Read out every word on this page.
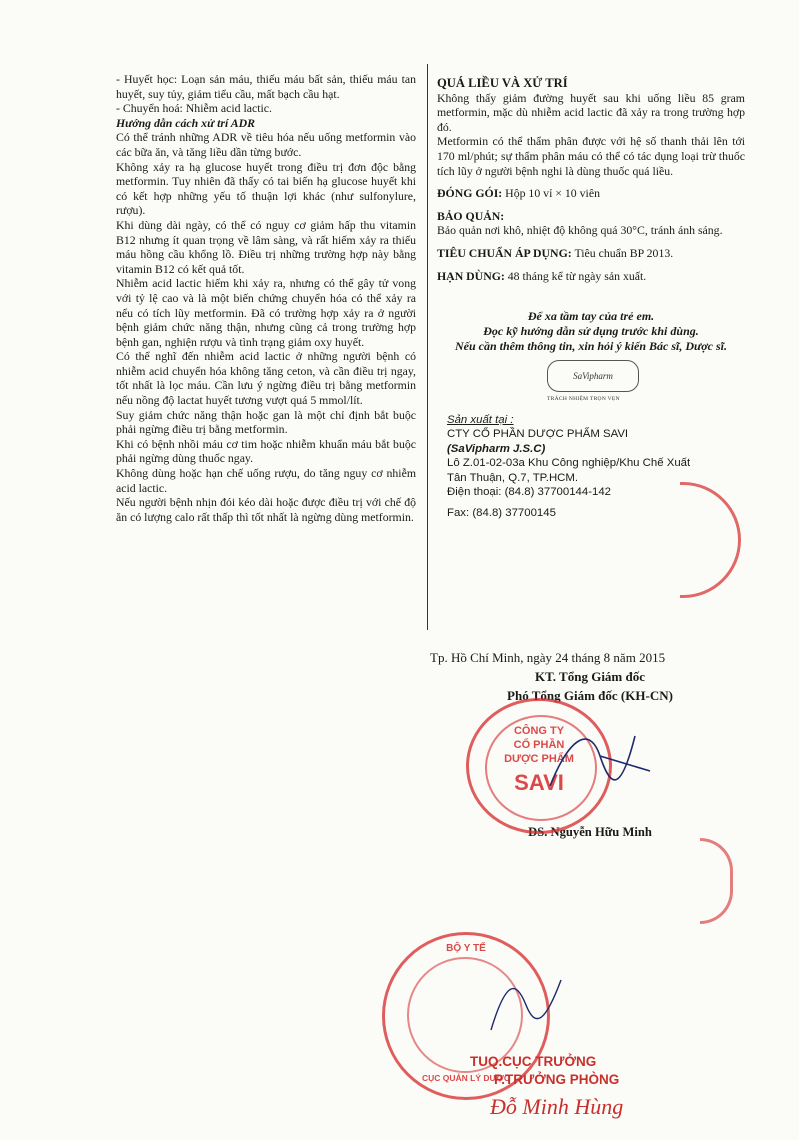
- Huyết học: Loạn sản máu, thiếu máu bất sản, thiếu máu tan huyết, suy tủy, giảm tiểu cầu, mất bạch cầu hạt.

- Chuyển hoá: Nhiễm acid lactic.

Hướng dẫn cách xử trí ADR

Có thể tránh những ADR về tiêu hóa nếu uống metformin vào các bữa ăn, và tăng liều dần từng bước.

Không xảy ra hạ glucose huyết trong điều trị đơn độc bằng metformin. Tuy nhiên đã thấy có tai biến hạ glucose huyết khi có kết hợp những yếu tố thuận lợi khác (như sulfonylure, rượu).

Khi dùng dài ngày, có thể có nguy cơ giảm hấp thu vitamin B12 nhưng ít quan trọng về lâm sàng, và rất hiếm xảy ra thiếu máu hồng cầu khổng lồ. Điều trị những trường hợp này bằng vitamin B12 có kết quả tốt.

Nhiễm acid lactic hiếm khi xảy ra, nhưng có thể gây tử vong với tỷ lệ cao và là một biến chứng chuyển hóa có thể xảy ra nếu có tích lũy metformin. Đã có trường hợp xảy ra ở người bệnh giảm chức năng thận, nhưng cũng cả trong trường hợp bệnh gan, nghiện rượu và tình trạng giảm oxy huyết.

Có thể nghĩ đến nhiễm acid lactic ở những người bệnh có nhiễm acid chuyển hóa không tăng ceton, và cần điều trị ngay, tốt nhất là lọc máu. Cần lưu ý ngừng điều trị bằng metformin nếu nồng độ lactat huyết tương vượt quá 5 mmol/lít.

Suy giảm chức năng thận hoặc gan là một chỉ định bắt buộc phải ngừng điều trị bằng metformin.

Khi có bệnh nhồi máu cơ tim hoặc nhiễm khuẩn máu bắt buộc phải ngừng dùng thuốc ngay.

Không dùng hoặc hạn chế uống rượu, do tăng nguy cơ nhiễm acid lactic.

Nếu người bệnh nhịn đói kéo dài hoặc được điều trị với chế độ ăn có lượng calo rất thấp thì tốt nhất là ngừng dùng metformin.

QUÁ LIỀU VÀ XỬ TRÍ

Không thấy giảm đường huyết sau khi uống liều 85 gram metformin, mặc dù nhiễm acid lactic đã xảy ra trong trường hợp đó.

Metformin có thể thẩm phân được với hệ số thanh thải lên tới 170 ml/phút; sự thẩm phân máu có thể có tác dụng loại trừ thuốc tích lũy ở người bệnh nghi là dùng thuốc quá liều.

ĐÓNG GÓI: Hộp 10 vỉ × 10 viên

BẢO QUẢN:

Bảo quản nơi khô, nhiệt độ không quá 30°C, tránh ánh sáng.

TIÊU CHUẨN ÁP DỤNG: Tiêu chuẩn BP 2013.

HẠN DÙNG: 48 tháng kể từ ngày sản xuất.

Để xa tầm tay của trẻ em.

Đọc kỹ hướng dẫn sử dụng trước khi dùng.

Nếu cần thêm thông tin, xin hỏi ý kiến Bác sĩ, Dược sĩ.

SaVipharm
TRÁCH NHIỆM TRỌN VẸN
Sản xuất tại :
CTY CỔ PHẦN DƯỢC PHẨM SAVI
(SaVipharm J.S.C)
Lô Z.01-02-03a Khu Công nghiệp/Khu Chế Xuất
Tân Thuận, Q.7, TP.HCM.
Điện thoại: (84.8) 37700144-142
Fax: (84.8) 37700145
Tp. Hồ Chí Minh, ngày 24 tháng 8 năm 2015
KT. Tổng Giám đốc
Phó Tổng Giám đốc (KH-CN)
DS. Nguyễn Hữu Minh
CÔNG TY
CỔ PHẦN
DƯỢC PHẨM
SAVI
BỘ Y TẾ
CỤC QUẢN LÝ DƯỢC
TUQ.CỤC TRƯỞNG
P.TRƯỞNG PHÒNG
Đỗ Minh Hùng
